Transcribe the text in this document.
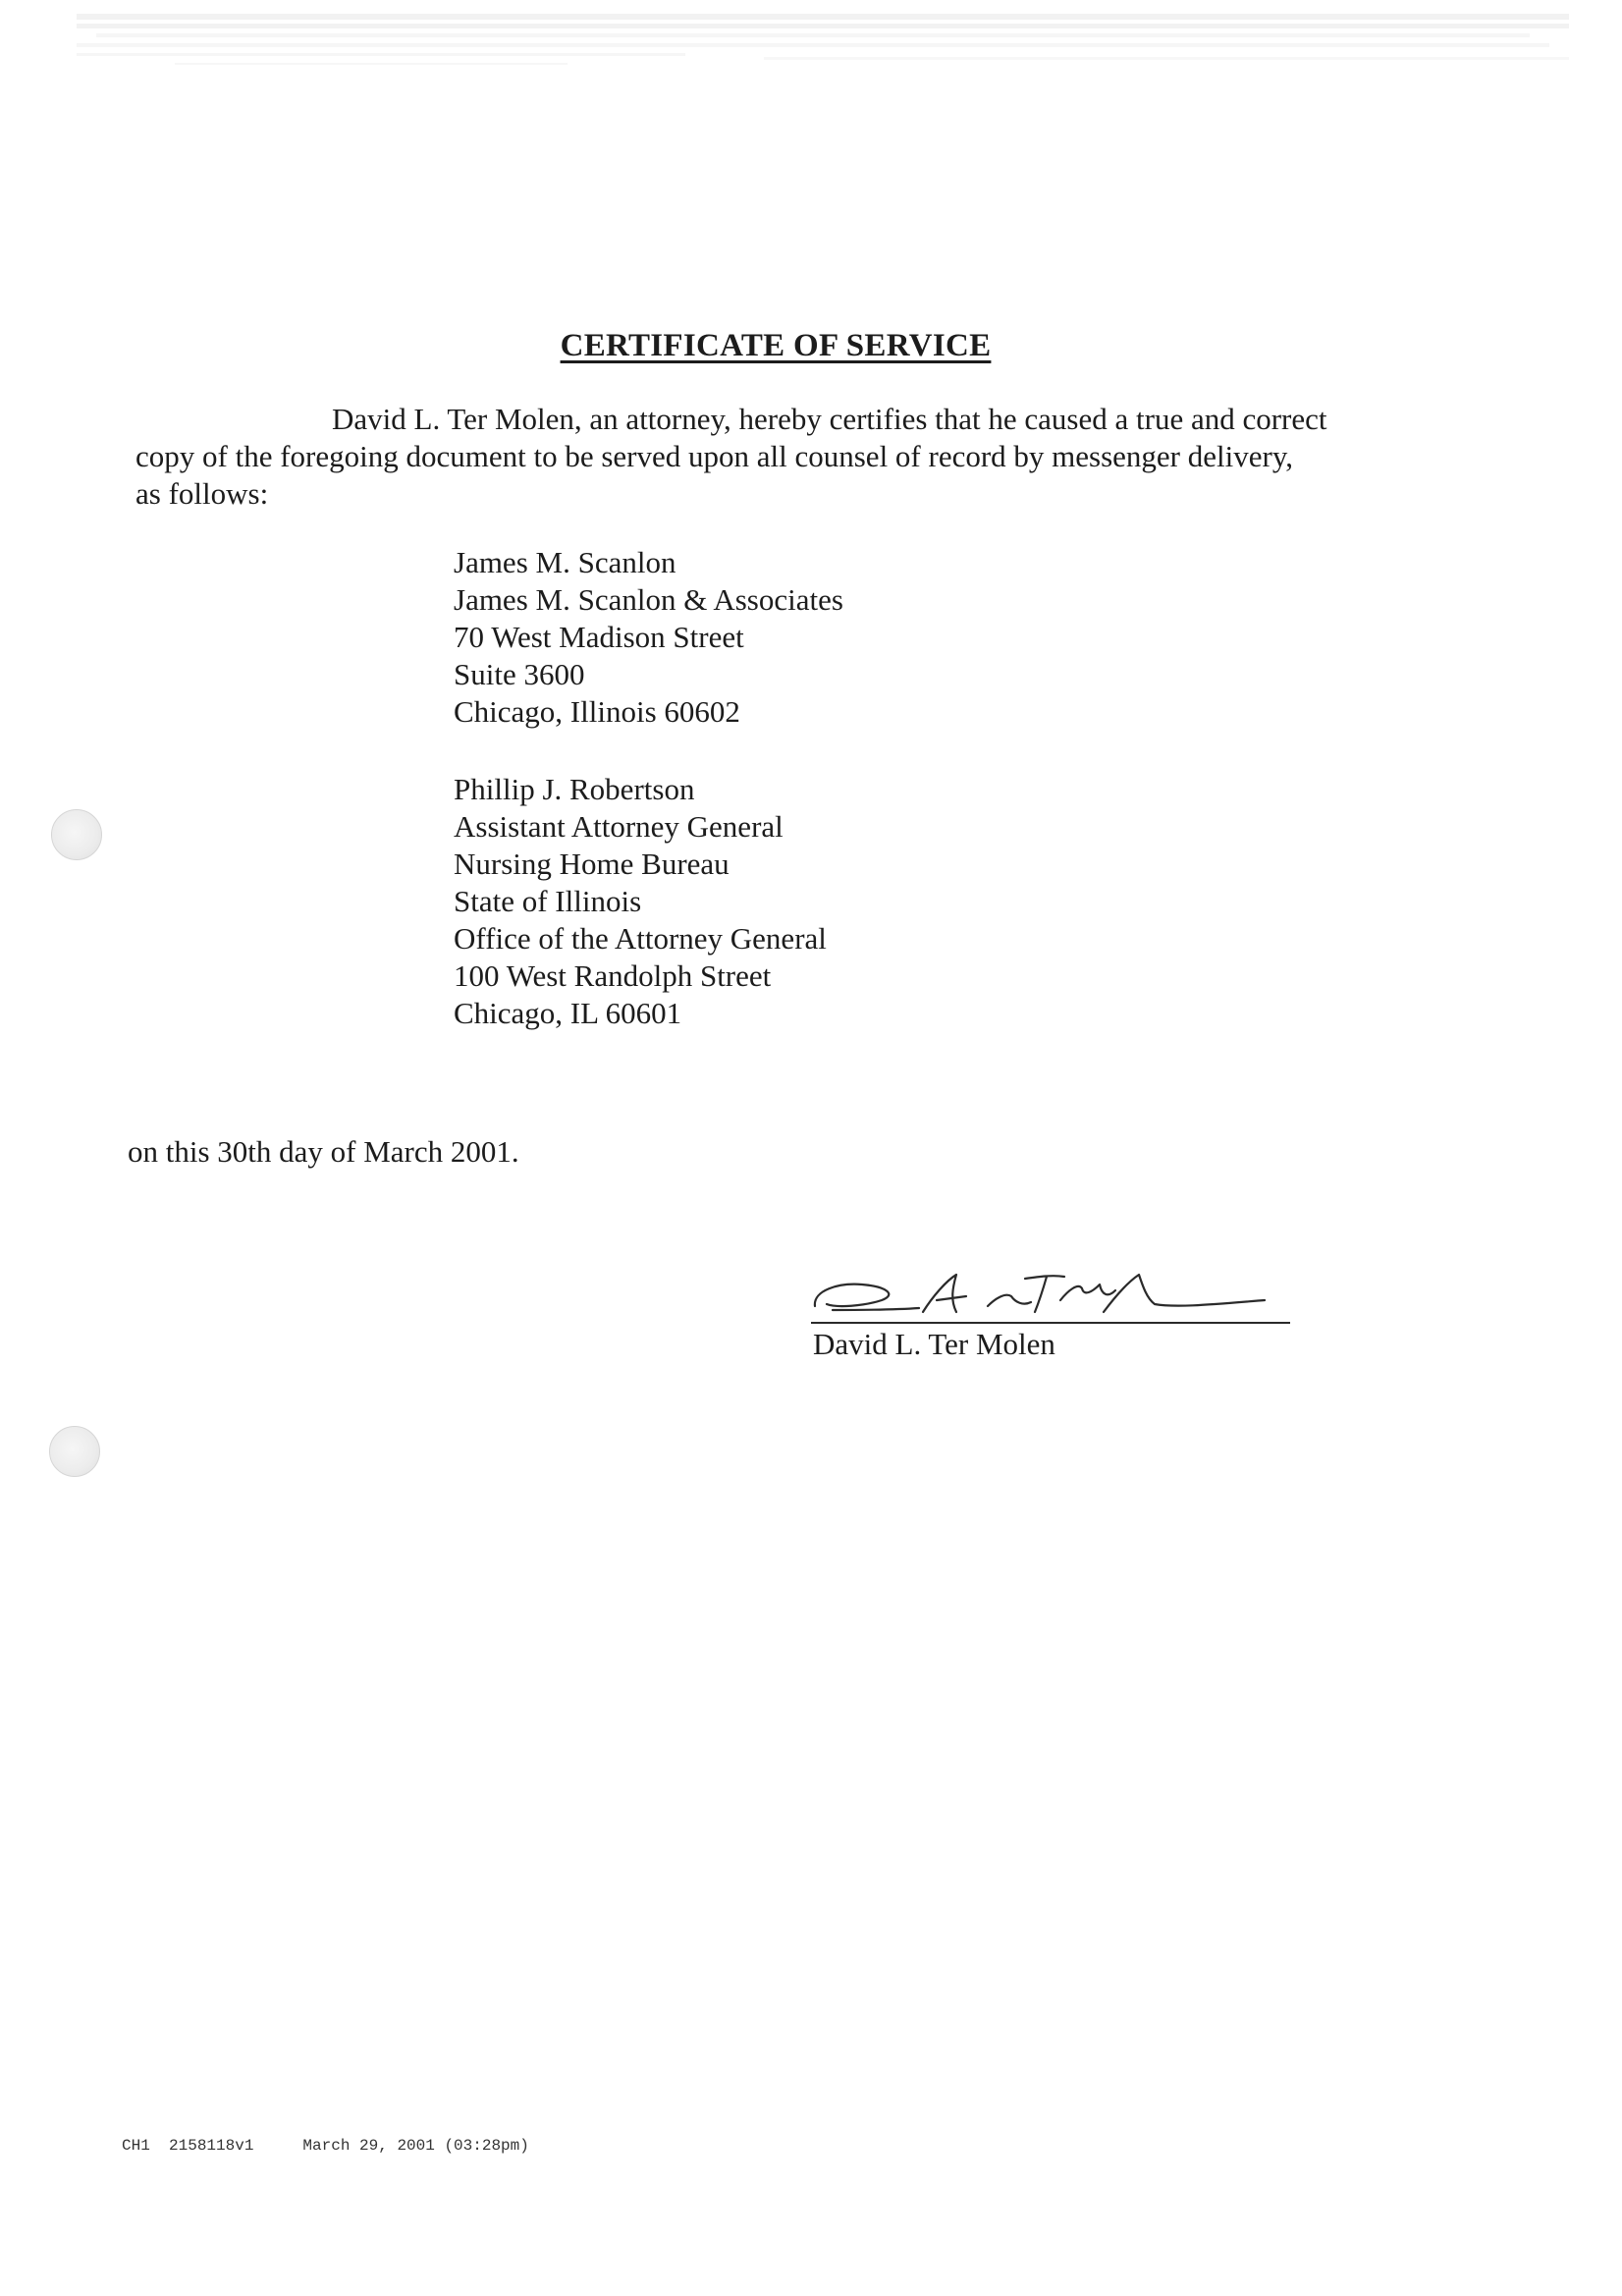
CERTIFICATE OF SERVICE
David L. Ter Molen, an attorney, hereby certifies that he caused a true and correct
copy of the foregoing document to be served upon all counsel of record by messenger delivery,
as follows:
James M. Scanlon
James M. Scanlon & Associates
70 West Madison Street
Suite 3600
Chicago, Illinois 60602
Phillip J. Robertson
Assistant Attorney General
Nursing Home Bureau
State of Illinois
Office of the Attorney General
100 West Randolph Street
Chicago, IL 60601
on this 30th day of March 2001.
David L. Ter Molen
CH1  2158118v1	March 29, 2001 (03:28pm)
